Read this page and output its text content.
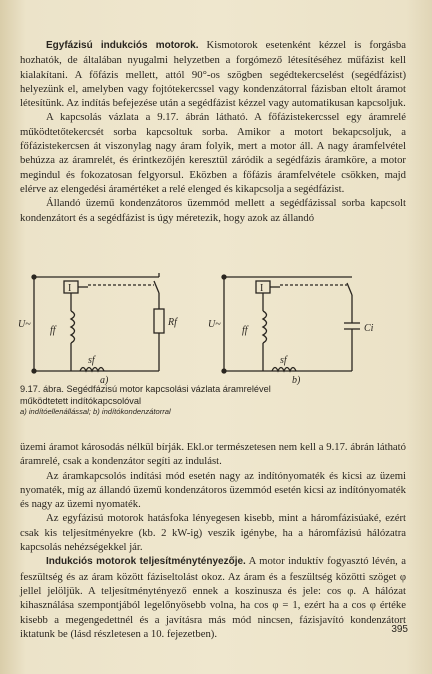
Egyfázisú indukciós motorok. Kismotorok esetenként kézzel is forgásba hozhatók, de általában nyugalmi helyzetben a forgómező létesítéséhez műfázist kell kialakítani. A főfázis mellett, attól 90°-os szögben segédtekercselést (segédfázist) helyezünk el, amelyben vagy fojtótekercssel vagy kondenzátorral fázisban eltolt áramot létesítünk. Az indítás befejezése után a segédfázist kézzel vagy automatikusan kapcsoljuk.

A kapcsolás vázlata a 9.17. ábrán látható. A főfázistekercssel egy áramrelé működtetőtekercsét sorba kapcsoltuk sorba. Amikor a motort bekapcsoljuk, a főfázistekercsen át viszonylag nagy áram folyik, mert a motor áll. A nagy áramfelvétel behúzza az áramrelét, és érintkezőjén keresztül záródik a segédfázis áramköre, a motor megindul és fokozatosan felgyorsul. Eközben a főfázis áramfelvétele csökken, majd elérve az elengedési áramértéket a relé elenged és kikapcsolja a segédfázist.

Állandó üzemű kondenzátoros üzemmód mellett a segédfázissal sorba kapcsolt kondenzátort és a segédfázist is úgy méretezik, hogy azok az állandó

I
U~
ff
sf
Rf
a)
I
U~
ff
sf
Ci
b)
9.17. ábra. Segédfázisú motor kapcsolási vázlata áramrelével működtetett indítókapcsolóval
a) indítóellenállással; b) indítókondenzátorral

üzemi áramot károsodás nélkül bírják. Ekl.or természetesen nem kell a 9.17. ábrán látható áramrelé, csak a kondenzátor segíti az indulást.

Az áramkapcsolós indítási mód esetén nagy az indítónyomaték és kicsi az üzemi nyomaték, míg az állandó üzemű kondenzátoros üzemmód esetén kicsi az indítónyomaték és nagy az üzemi nyomaték.

Az egyfázisú motorok hatásfoka lényegesen kisebb, mint a háromfázisúaké, ezért csak kis teljesítményekre (kb. 2 kW-ig) veszik igénybe, ha a háromfázisú hálózatra kapcsolás nehézségekkel jár.

Indukciós motorok teljesítménytényezője. A motor induktív fogyasztó lévén, a feszültség és az áram között fáziseltolást okoz. Az áram és a feszültség közötti szöget φ jellel jelöljük. A teljesítménytényező ennek a koszinusza és jele: cos φ. A hálózat kihasználása szempontjából legelőnyösebb volna, ha cos φ = 1, ezért ha a cos φ értéke kisebb a megengedettnél és a javításra más mód nincsen, fázisjavító kondenzátort iktatunk be (lásd részletesen a 10. fejezetben).	395
